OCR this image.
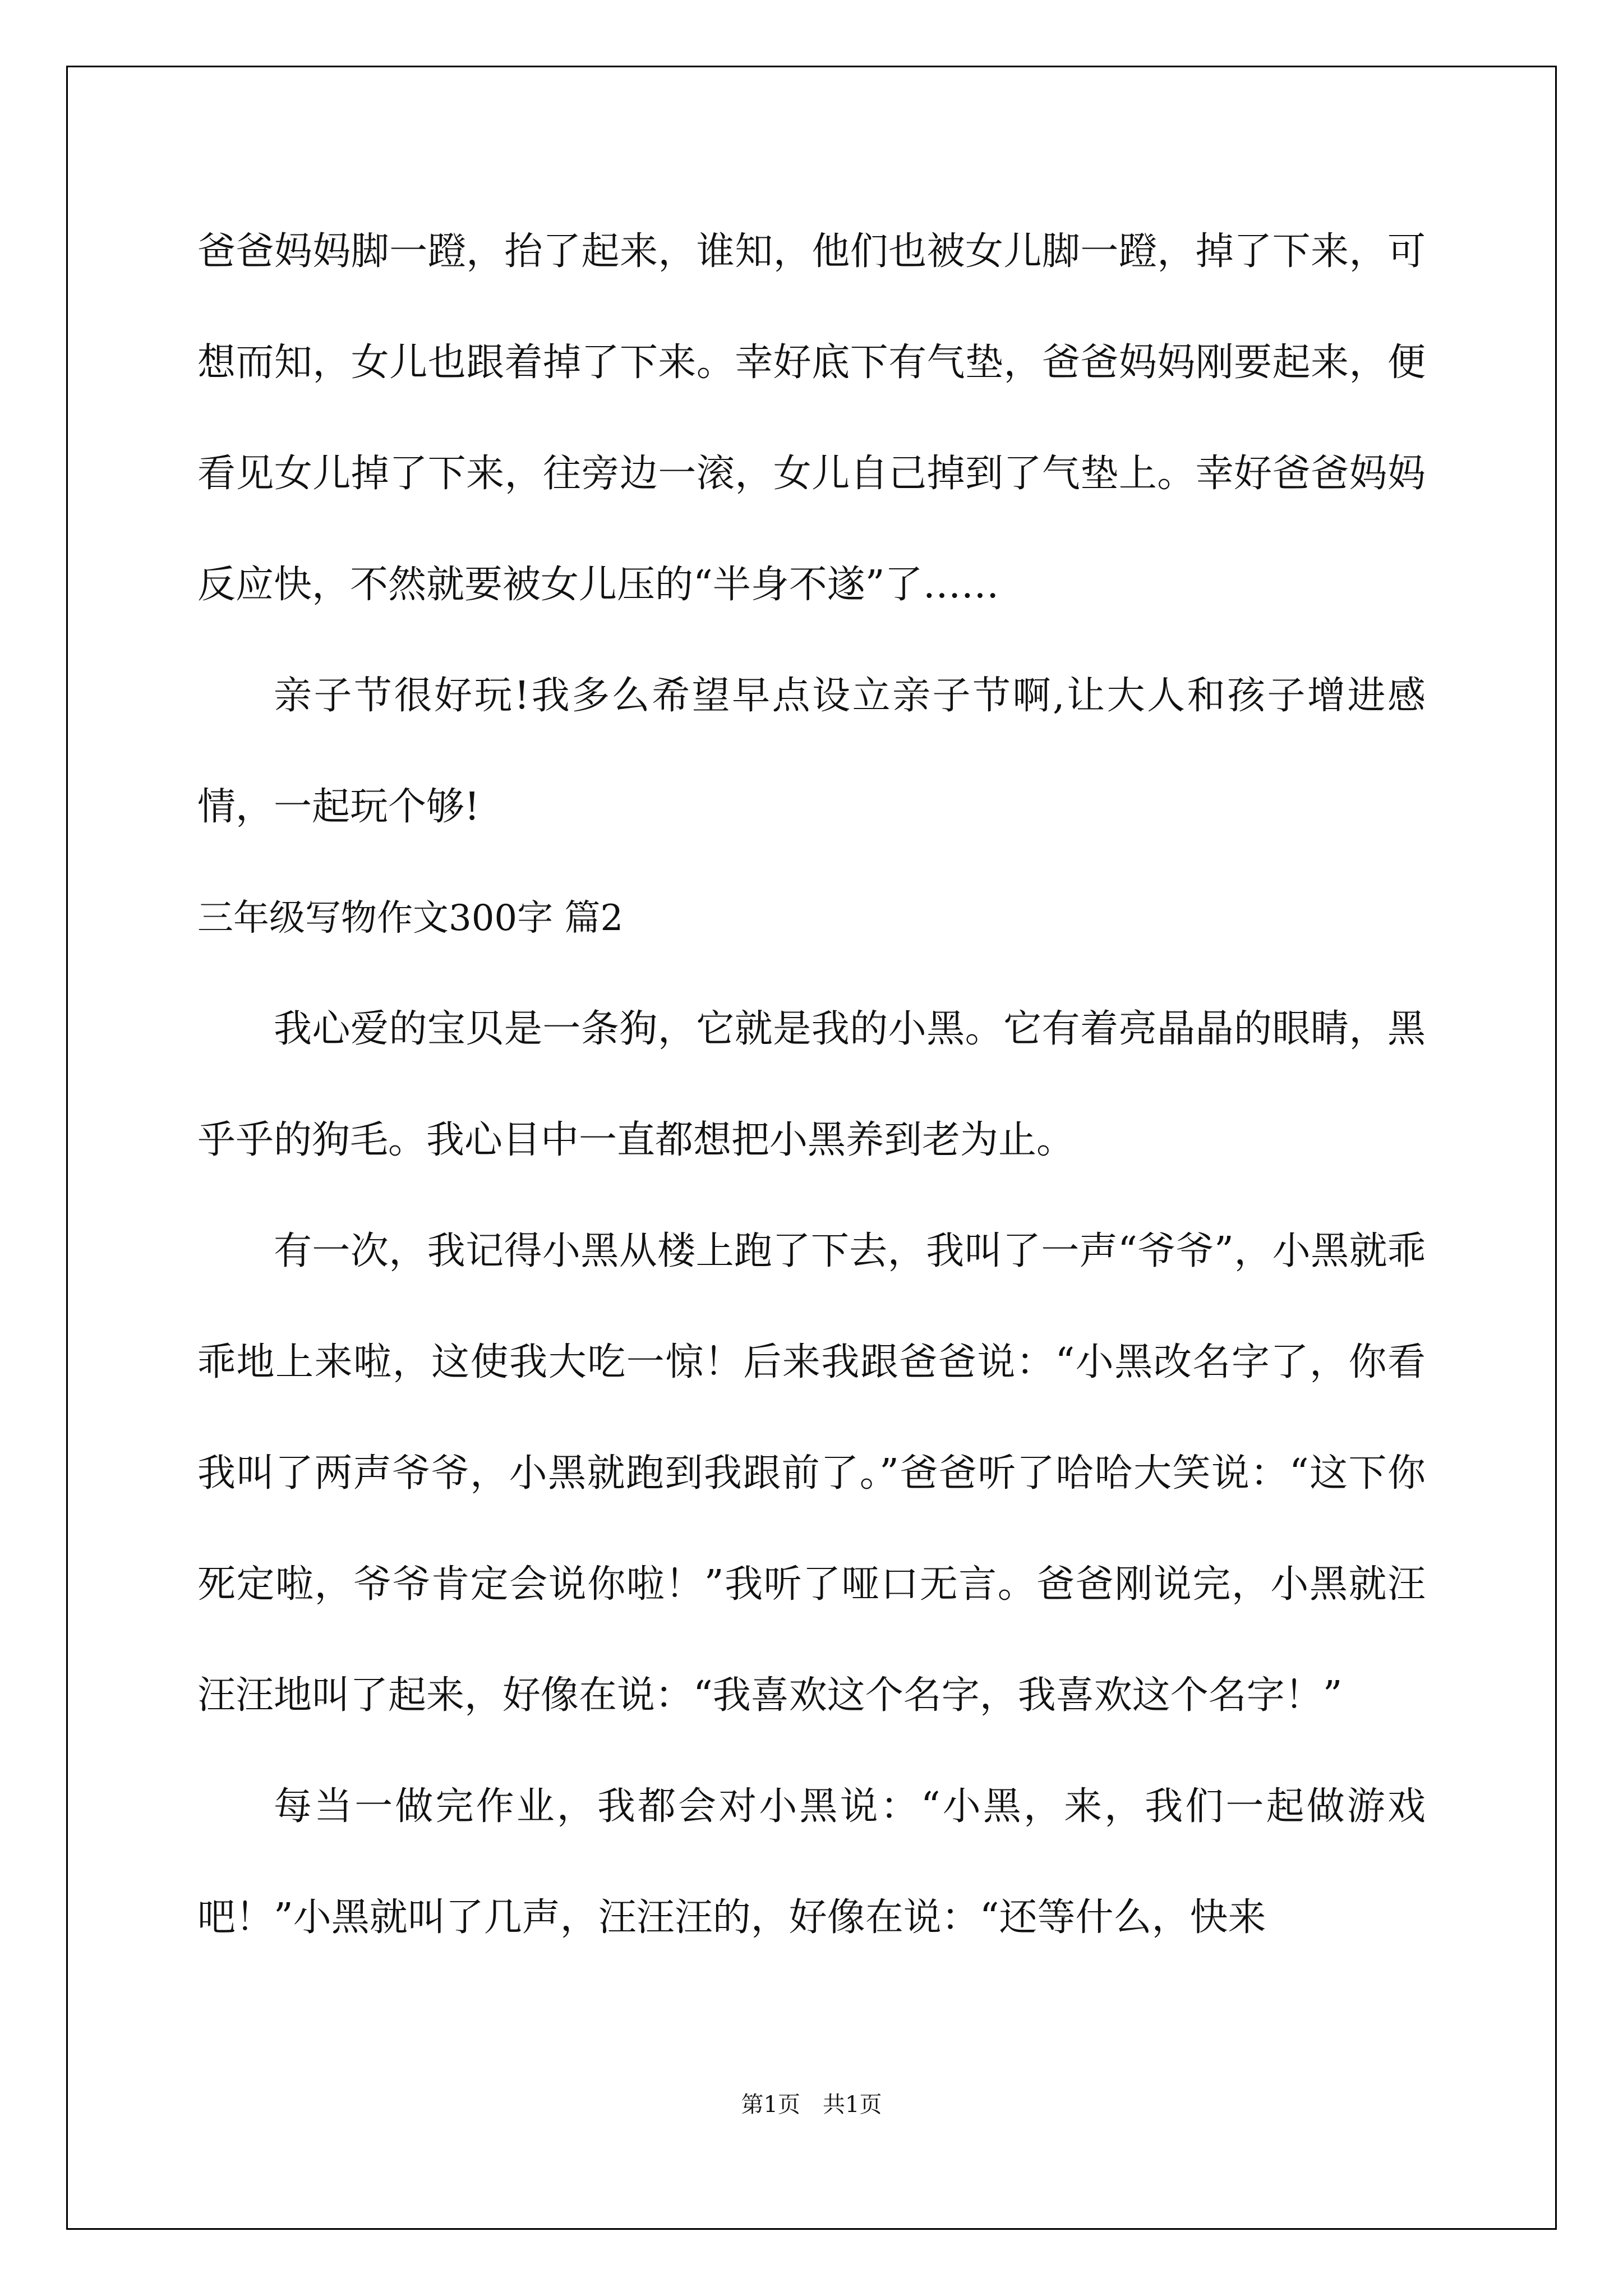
爸爸妈妈脚一蹬，抬了起来，谁知，他们也被女儿脚一蹬，掉了下来，可想而知，女儿也跟着掉了下来。幸好底下有气垫，爸爸妈妈刚要起来，便看见女儿掉了下来，往旁边一滚，女儿自己掉到了气垫上。幸好爸爸妈妈反应快，不然就要被女儿压的“半身不遂”了……

亲子节很好玩!我多么希望早点设立亲子节啊,让大人和孩子增进感情，一起玩个够!

三年级写物作文300字 篇2

我心爱的宝贝是一条狗，它就是我的小黑。它有着亮晶晶的眼睛，黑乎乎的狗毛。我心目中一直都想把小黑养到老为止。

有一次，我记得小黑从楼上跑了下去，我叫了一声“爷爷”，小黑就乖乖地上来啦，这使我大吃一惊！后来我跟爸爸说：“小黑改名字了，你看我叫了两声爷爷，小黑就跑到我跟前了。”爸爸听了哈哈大笑说：“这下你死定啦，爷爷肯定会说你啦！”我听了哑口无言。爸爸刚说完，小黑就汪汪汪地叫了起来，好像在说：“我喜欢这个名字，我喜欢这个名字！”

每当一做完作业，我都会对小黑说：“小黑，来，我们一起做游戏吧！”小黑就叫了几声，汪汪汪的，好像在说：“还等什么，快来

第1页　共1页
